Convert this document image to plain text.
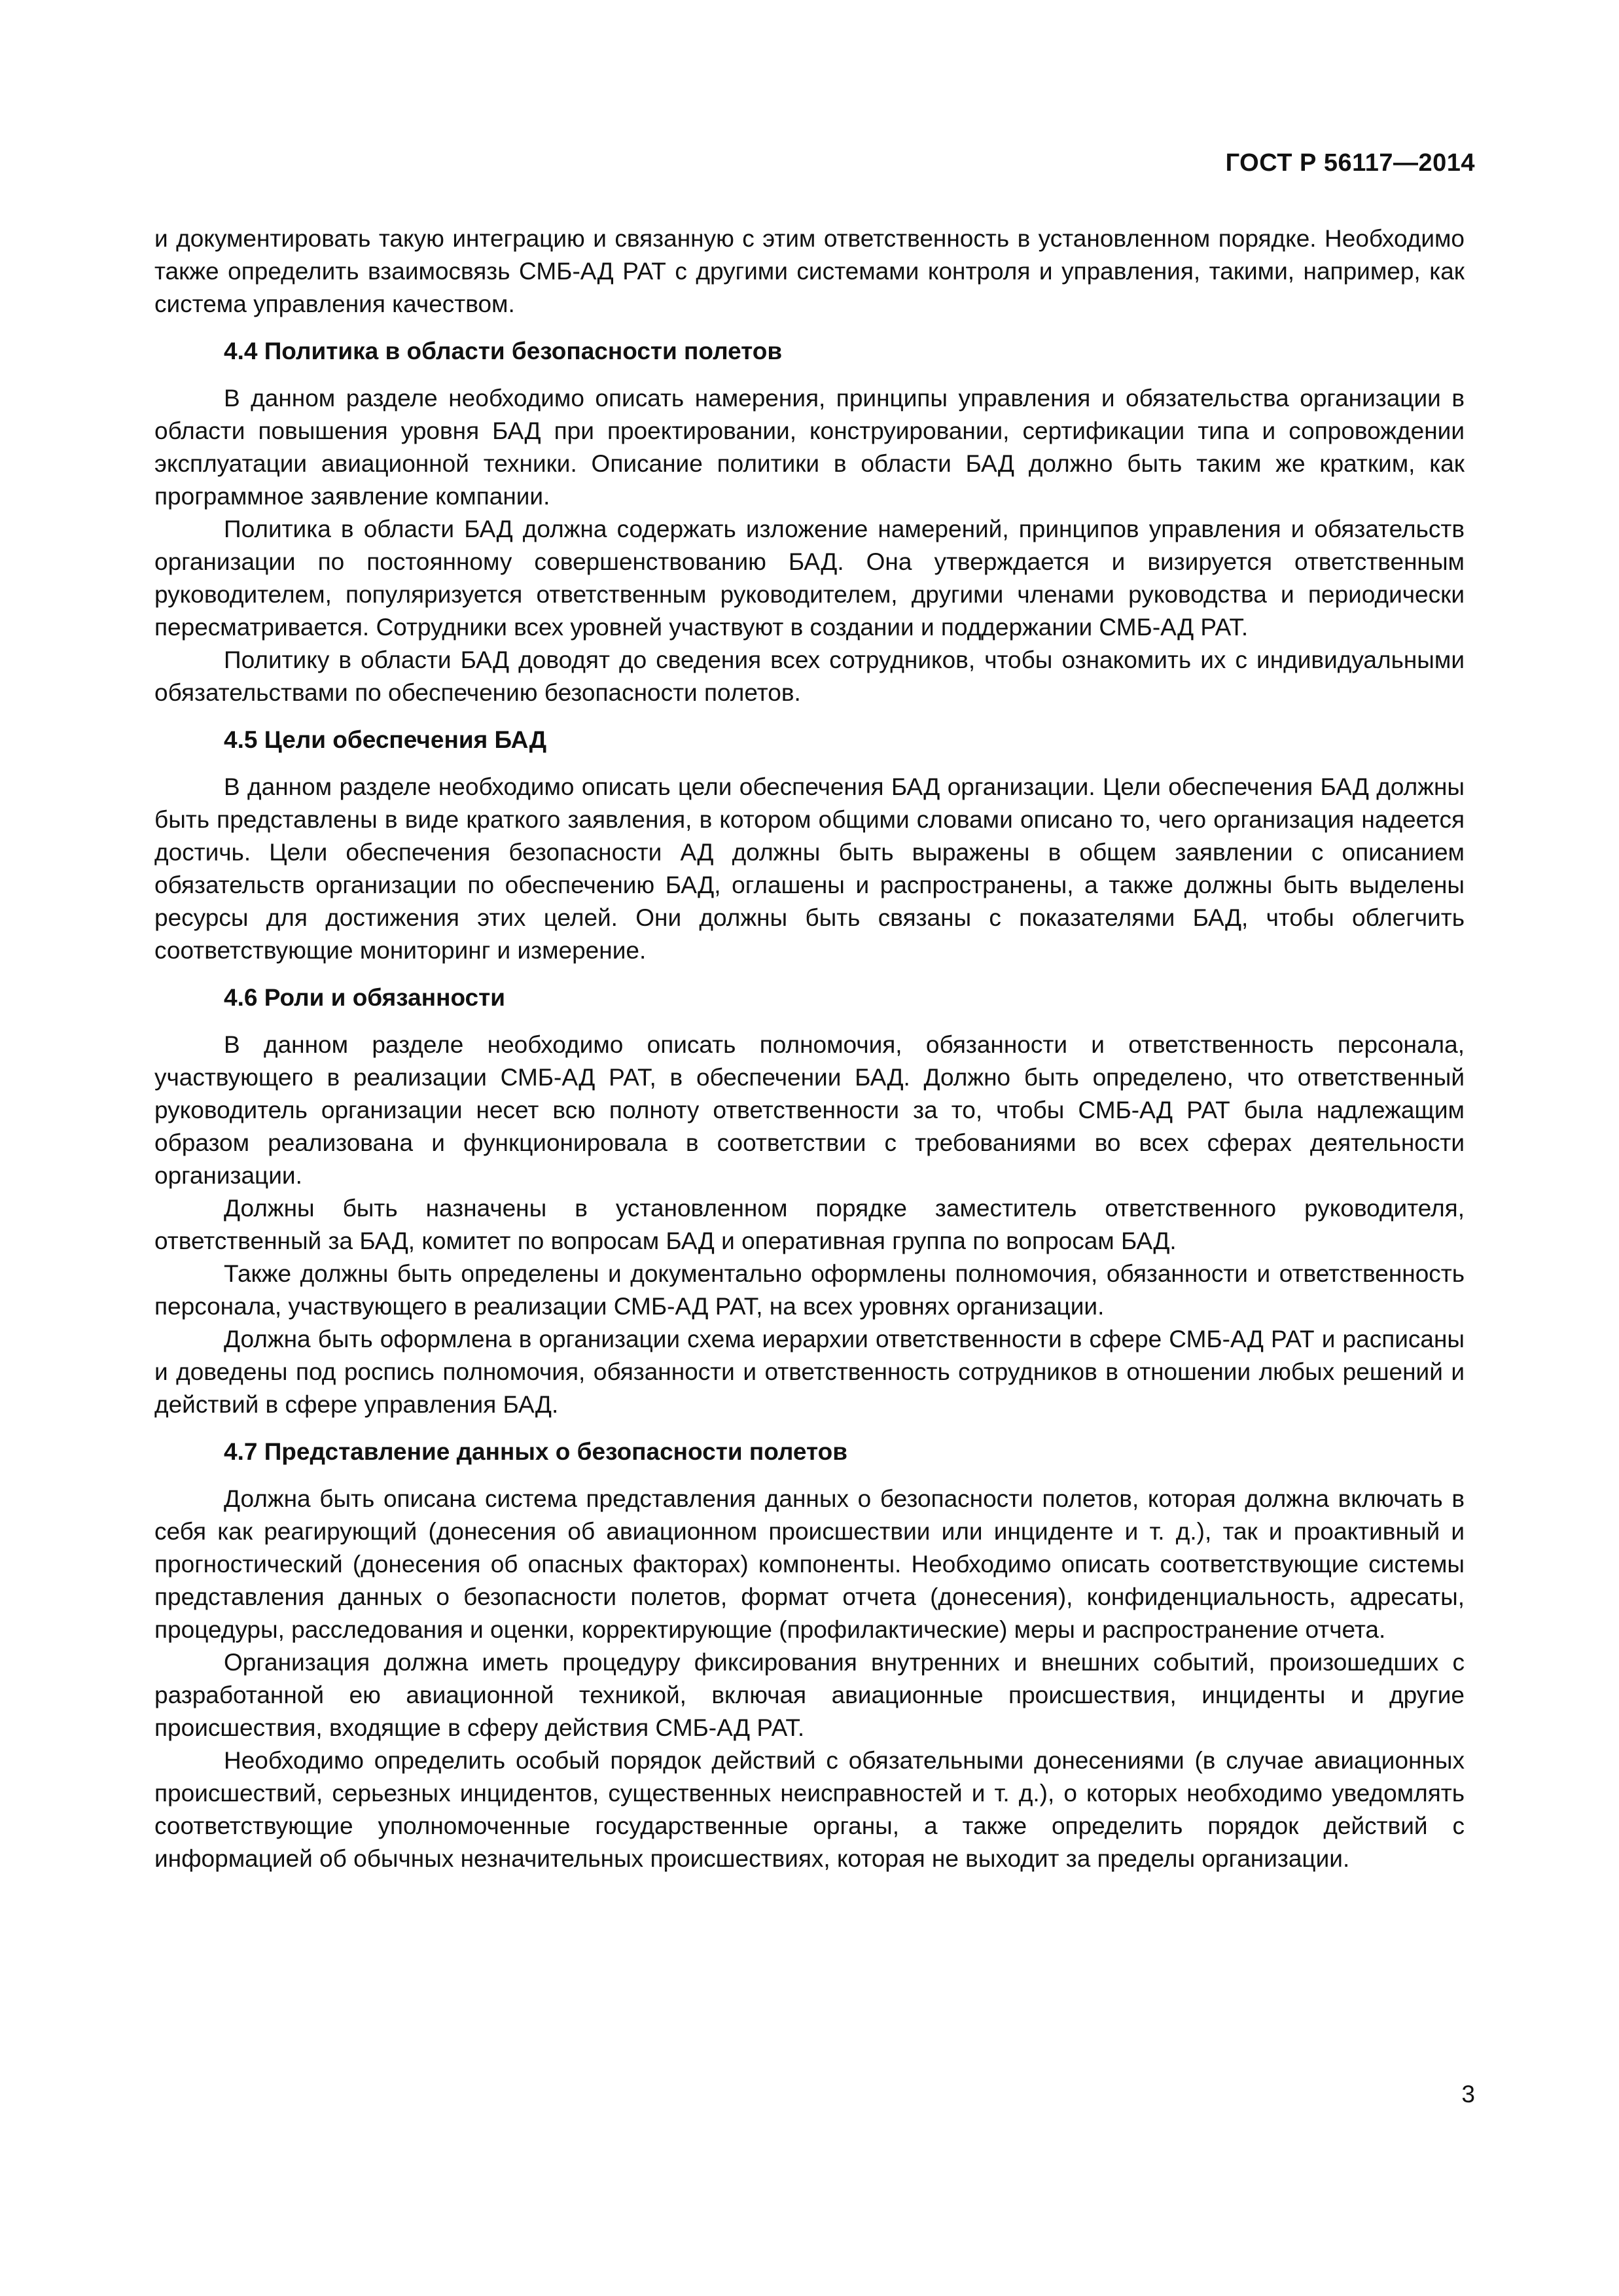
ГОСТ Р 56117—2014

и документировать такую интеграцию и связанную с этим ответственность в установленном порядке. Необходимо также определить взаимосвязь СМБ-АД РАТ с другими системами контроля и управления, такими, например, как система управления качеством.

4.4 Политика в области безопасности полетов

В данном разделе необходимо описать намерения, принципы управления и обязательства организации в области повышения уровня БАД при проектировании, конструировании, сертификации типа и сопровождении эксплуатации авиационной техники. Описание политики в области БАД должно быть таким же кратким, как программное заявление компании.

Политика в области БАД должна содержать изложение намерений, принципов управления и обязательств организации по постоянному совершенствованию БАД. Она утверждается и визируется ответственным руководителем, популяризуется ответственным руководителем, другими членами руководства и периодически пересматривается. Сотрудники всех уровней участвуют в создании и поддержании СМБ-АД РАТ.

Политику в области БАД доводят до сведения всех сотрудников, чтобы ознакомить их с индивидуальными обязательствами по обеспечению безопасности полетов.

4.5 Цели обеспечения БАД

В данном разделе необходимо описать цели обеспечения БАД организации. Цели обеспечения БАД должны быть представлены в виде краткого заявления, в котором общими словами описано то, чего организация надеется достичь. Цели обеспечения безопасности АД должны быть выражены в общем заявлении с описанием обязательств организации по обеспечению БАД, оглашены и распространены, а также должны быть выделены ресурсы для достижения этих целей. Они должны быть связаны с показателями БАД, чтобы облегчить соответствующие мониторинг и измерение.

4.6 Роли и обязанности

В данном разделе необходимо описать полномочия, обязанности и ответственность персонала, участвующего в реализации СМБ-АД РАТ, в обеспечении БАД. Должно быть определено, что ответственный руководитель организации несет всю полноту ответственности за то, чтобы СМБ-АД РАТ была надлежащим образом реализована и функционировала в соответствии с требованиями во всех сферах деятельности организации.

Должны быть назначены в установленном порядке заместитель ответственного руководителя, ответственный за БАД, комитет по вопросам БАД и оперативная группа по вопросам БАД.

Также должны быть определены и документально оформлены полномочия, обязанности и ответственность персонала, участвующего в реализации СМБ-АД РАТ, на всех уровнях организации.

Должна быть оформлена в организации схема иерархии ответственности в сфере СМБ-АД РАТ и расписаны и доведены под роспись полномочия, обязанности и ответственность сотрудников в отношении любых решений и действий в сфере управления БАД.

4.7 Представление данных о безопасности полетов

Должна быть описана система представления данных о безопасности полетов, которая должна включать в себя как реагирующий (донесения об авиационном происшествии или инциденте и т. д.), так и проактивный и прогностический (донесения об опасных факторах) компоненты. Необходимо описать соответствующие системы представления данных о безопасности полетов, формат отчета (донесения), конфиденциальность, адресаты, процедуры, расследования и оценки, корректирующие (профилактические) меры и распространение отчета.

Организация должна иметь процедуру фиксирования внутренних и внешних событий, произошедших с разработанной ею авиационной техникой, включая авиационные происшествия, инциденты и другие происшествия, входящие в сферу действия СМБ-АД РАТ.

Необходимо определить особый порядок действий с обязательными донесениями (в случае авиационных происшествий, серьезных инцидентов, существенных неисправностей и т. д.), о которых необходимо уведомлять соответствующие уполномоченные государственные органы, а также определить порядок действий с информацией об обычных незначительных происшествиях, которая не выходит за пределы организации.

3
